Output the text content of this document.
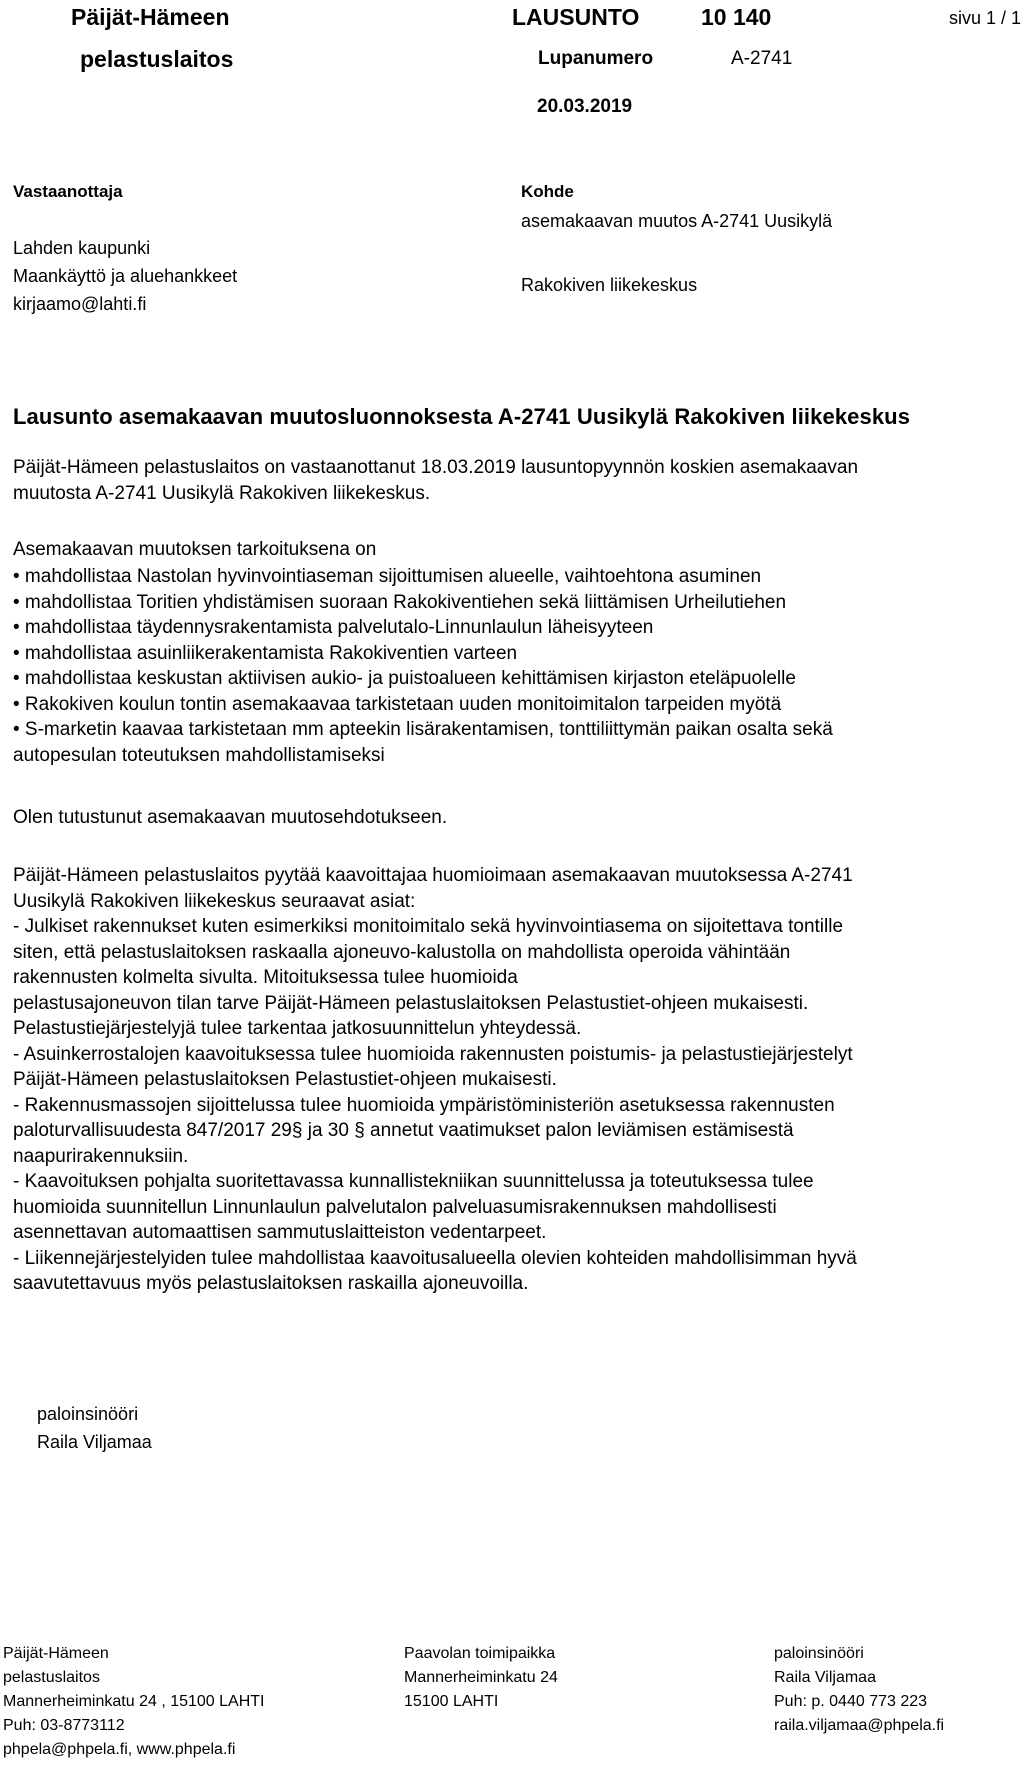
Päijät-Hämeen
pelastuslaitos
LAUSUNTO	10 140	sivu 1 / 1
Lupanumero	A-2741
20.03.2019
Vastaanottaja
Lahden kaupunki
Maankäyttö ja aluehankkeet
kirjaamo@lahti.fi
Kohde
asemakaavan muutos A-2741 Uusikylä
Rakokiven liikekeskus
Lausunto asemakaavan muutosluonnoksesta A-2741 Uusikylä Rakokiven liikekeskus
Päijät-Hämeen pelastuslaitos on vastaanottanut 18.03.2019 lausuntopyynnön koskien asemakaavan
muutosta A-2741 Uusikylä Rakokiven liikekeskus.
Asemakaavan muutoksen tarkoituksena on
• mahdollistaa Nastolan hyvinvointiaseman sijoittumisen alueelle, vaihtoehtona asuminen
• mahdollistaa Toritien yhdistämisen suoraan Rakokiventiehen sekä liittämisen Urheilutiehen
• mahdollistaa täydennysrakentamista palvelutalo-Linnunlaulun läheisyyteen
• mahdollistaa asuinliikerakentamista Rakokiventien varteen
• mahdollistaa keskustan aktiivisen aukio- ja puistoalueen kehittämisen kirjaston eteläpuolelle
• Rakokiven koulun tontin asemakaavaa tarkistetaan uuden monitoimitalon tarpeiden myötä
• S-marketin kaavaa tarkistetaan mm apteekin lisärakentamisen, tonttiliittymän paikan osalta sekä
autopesulan toteutuksen mahdollistamiseksi
Olen tutustunut asemakaavan muutosehdotukseen.
Päijät-Hämeen pelastuslaitos pyytää kaavoittajaa huomioimaan asemakaavan muutoksessa A-2741
Uusikylä Rakokiven liikekeskus seuraavat asiat:
- Julkiset rakennukset kuten esimerkiksi monitoimitalo sekä hyvinvointiasema on sijoitettava tontille
siten, että pelastuslaitoksen raskaalla ajoneuvo-kalustolla on mahdollista operoida vähintään
rakennusten kolmelta sivulta. Mitoituksessa tulee huomioida
pelastusajoneuvon tilan tarve Päijät-Hämeen pelastuslaitoksen Pelastustiet-ohjeen mukaisesti.
Pelastustiejärjestelyjä tulee tarkentaa jatkosuunnittelun yhteydessä.
- Asuinkerrostalojen kaavoituksessa tulee huomioida rakennusten poistumis- ja pelastustiejärjestelyt
Päijät-Hämeen pelastuslaitoksen Pelastustiet-ohjeen mukaisesti.
- Rakennusmassojen sijoittelussa tulee huomioida ympäristöministeriön asetuksessa rakennusten
paloturvallisuudesta 847/2017 29§ ja 30 § annetut vaatimukset palon leviämisen estämisestä
naapurirakennuksiin.
- Kaavoituksen pohjalta suoritettavassa kunnallistekniikan suunnittelussa ja toteutuksessa tulee
huomioida suunnitellun Linnunlaulun palvelutalon palveluasumisrakennuksen mahdollisesti
asennettavan automaattisen sammutuslaitteiston vedentarpeet.
- Liikennejärjestelyiden tulee mahdollistaa kaavoitusalueella olevien kohteiden mahdollisimman hyvä
saavutettavuus myös pelastuslaitoksen raskailla ajoneuvoilla.
paloinsinööri
Raila Viljamaa
Päijät-Hämeen
pelastuslaitos
Mannerheiminkatu 24 , 15100 LAHTI
Puh: 03-8773112
phpela@phpela.fi, www.phpela.fi
Paavolan toimipaikka
Mannerheiminkatu 24
15100 LAHTI
paloinsinööri
Raila Viljamaa
Puh: p. 0440 773 223
raila.viljamaa@phpela.fi
